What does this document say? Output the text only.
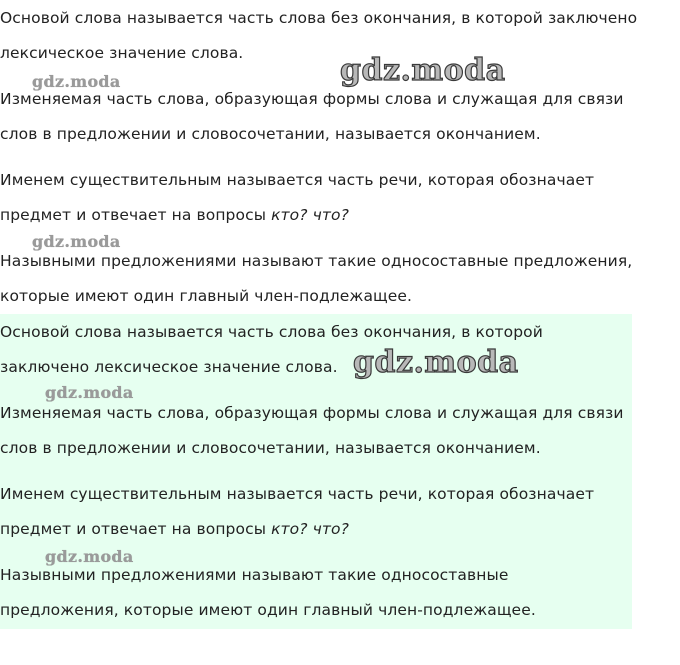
Основой слова называется часть слова без окончания, в которой заключено лексическое значение слова.

Изменяемая часть слова, образующая формы слова и служащая для связи слов в предложении и словосочетании, называется окончанием.

Именем существительным называется часть речи, которая обозначает предмет и отвечает на вопросы кто? что?

Назывными предложениями называют такие односоставные предложения, которые имеют один главный член-подлежащее.

Основой слова называется часть слова без окончания, в которой заключено лексическое значение слова.

Изменяемая часть слова, образующая формы слова и служащая для связи слов в предложении и словосочетании, называется окончанием.

Именем существительным называется часть речи, которая обозначает предмет и отвечает на вопросы кто? что?

Назывными предложениями называют такие односоставные предложения, которые имеют один главный член-подлежащее.

gdz.moda	gdz.moda
gdz.moda
gdz.moda
gdz.moda
gdz.moda
